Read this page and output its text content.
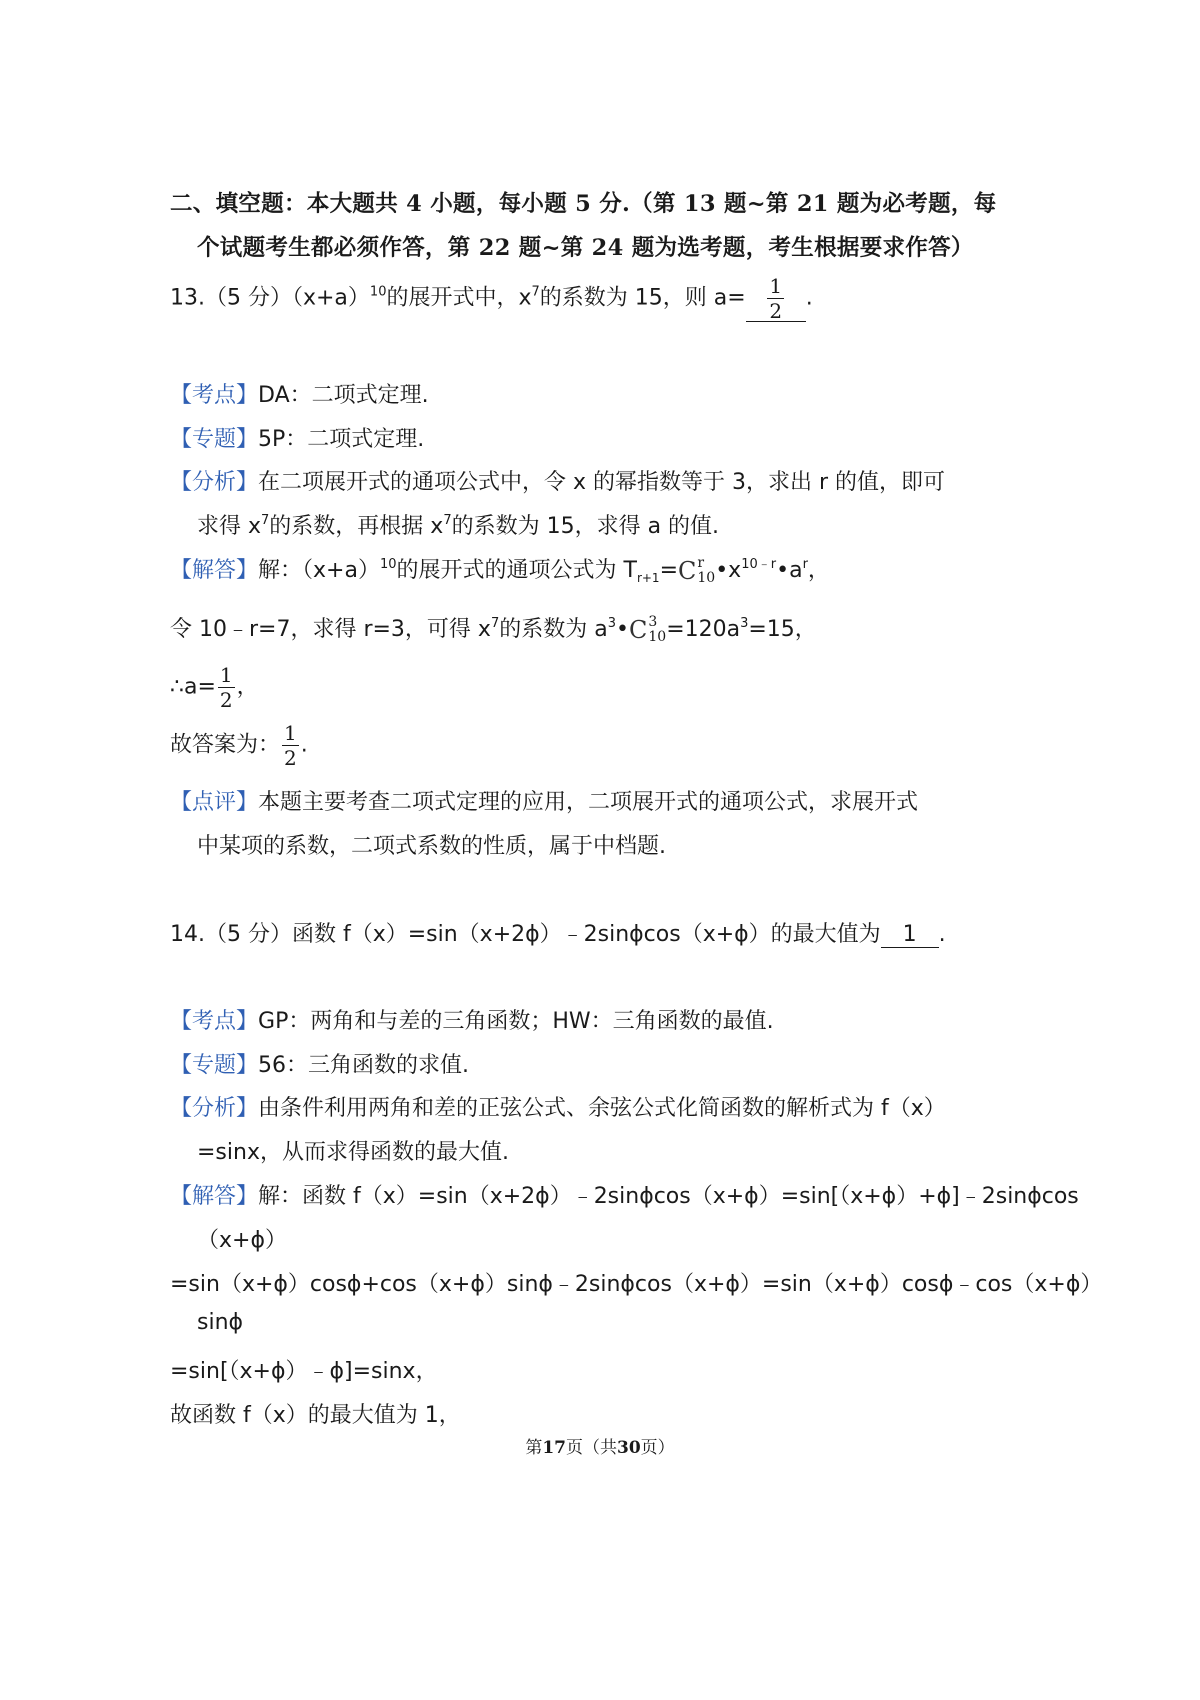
二、填空题：本大题共 4 小题，每小题 5 分.（第 13 题~第 21 题为必考题，每
个试题考生都必须作答，第 22 题~第 24 题为选考题，考生根据要求作答）
13.（5 分）$(x+a)^{10}$的展开式中，$x^7$的系数为 15，则 $a= \frac{1}{2}$ .
【考点】DA：二项式定理.
【专题】5P：二项式定理.
【分析】在二项展开式的通项公式中，令 x 的幂指数等于 3，求出 r 的值，即可
求得 $x^7$的系数，再根据 $x^7$的系数为 15，求得 a 的值.
【解答】解：$(x+a)^{10}$的展开式的通项公式为 $T_{r+1}= C$ r
10 $•x^{10﹣r}•a^r$，
令 10﹣r=7，求得 r=3，可得 $x^7$的系数为 $a^3•$ C 3
$10 =120a^3=15$，
∴a= $\frac{1}{2}$ ，
故答案为： $\frac{1}{2}$ .
【点评】本题主要考查二项式定理的应用，二项展开式的通项公式，求展开式
中某项的系数，二项式系数的性质，属于中档题.
14.（5 分）函数 f（x）=sin（x+2ϕ）﹣2sinϕcos（x+ϕ）的最大值为 1 .
【考点】GP：两角和与差的三角函数；HW：三角函数的最值.
【专题】56：三角函数的求值.
【分析】由条件利用两角和差的正弦公式、余弦公式化简函数的解析式为 f（x）
=sinx，从而求得函数的最大值.
【解答】解：函数 f（x）=sin（x+2ϕ）﹣2sinϕcos（x+ϕ）=sin[（x+ϕ）+ϕ]﹣2sinϕcos
（x+ϕ）
=sin（x+ϕ）cosϕ+cos（x+ϕ）sinϕ﹣2sinϕcos（x+ϕ）=sin（x+ϕ）cosϕ﹣cos（x+ϕ）
sinϕ
=sin[（x+ϕ）﹣ϕ]=sinx，
故函数 f（x）的最大值为 1，
第17页（共30页）
